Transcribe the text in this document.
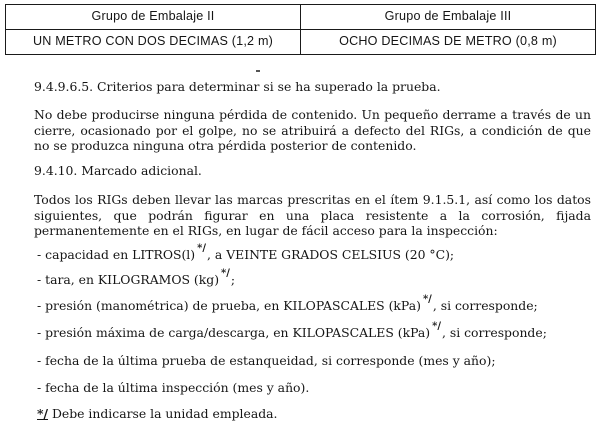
Grupo de Embalaje II	Grupo de Embalaje III
UN METRO CON DOS DECIMAS (1,2 m)	OCHO DECIMAS DE METRO (0,8 m)
9.4.9.6.5. Criterios para determinar si se ha superado la prueba.
No debe producirse ninguna pérdida de contenido. Un pequeño derrame a través de un cierre, ocasionado por el golpe, no se atribuirá a defecto del RIGs, a condición de que no se produzca ninguna otra pérdida posterior de contenido.
9.4.10. Marcado adicional.
Todos los RIGs deben llevar las marcas prescritas en el ítem 9.1.5.1, así como los datos siguientes, que podrán figurar en una placa resistente a la corrosión, fijada permanentemente en el RIGs, en lugar de fácil acceso para la inspección:
- capacidad en LITROS(l) */, a VEINTE GRADOS CELSIUS (20 °C);
- tara, en KILOGRAMOS (kg) */;
- presión (manométrica) de prueba, en KILOPASCALES (kPa) */, si corresponde;
- presión máxima de carga/descarga, en KILOPASCALES (kPa) */, si corresponde;
- fecha de la última prueba de estanqueidad, si corresponde (mes y año);
- fecha de la última inspección (mes y año).
*/ Debe indicarse la unidad empleada.
